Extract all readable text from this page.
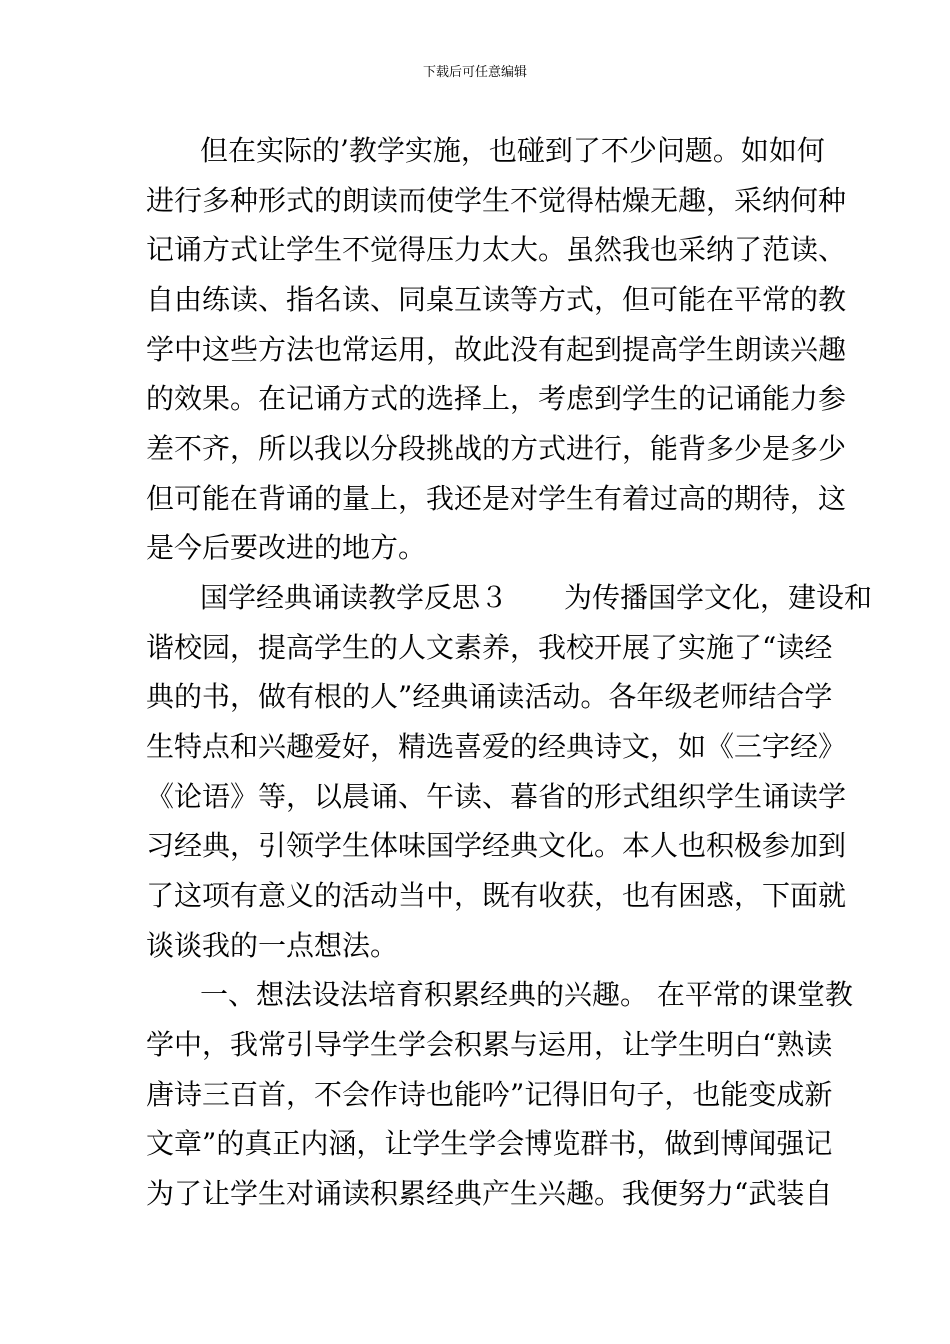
下载后可任意编辑
但在实际的’教学实施，也碰到了不少问题。如如何
进行多种形式的朗读而使学生不觉得枯燥无趣，采纳何种
记诵方式让学生不觉得压力太大。虽然我也采纳了范读、
自由练读、指名读、同桌互读等方式，但可能在平常的教
学中这些方法也常运用，故此没有起到提高学生朗读兴趣
的效果。在记诵方式的选择上，考虑到学生的记诵能力参
差不齐，所以我以分段挑战的方式进行，能背多少是多少
但可能在背诵的量上，我还是对学生有着过高的期待，这
是今后要改进的地方。
国学经典诵读教学反思３　　为传播国学文化，建设和
谐校园，提高学生的人文素养，我校开展了实施了“读经
典的书，做有根的人”经典诵读活动。各年级老师结合学
生特点和兴趣爱好，精选喜爱的经典诗文，如《三字经》
《论语》等，以晨诵、午读、暮省的形式组织学生诵读学
习经典，引领学生体味国学经典文化。本人也积极参加到
了这项有意义的活动当中，既有收获，也有困惑，下面就
谈谈我的一点想法。
一、想法设法培育积累经典的兴趣。 在平常的课堂教
学中，我常引导学生学会积累与运用，让学生明白“熟读
唐诗三百首，不会作诗也能吟”记得旧句子，也能变成新
文章”的真正内涵，让学生学会博览群书，做到博闻强记
为了让学生对诵读积累经典产生兴趣。我便努力“武装自
